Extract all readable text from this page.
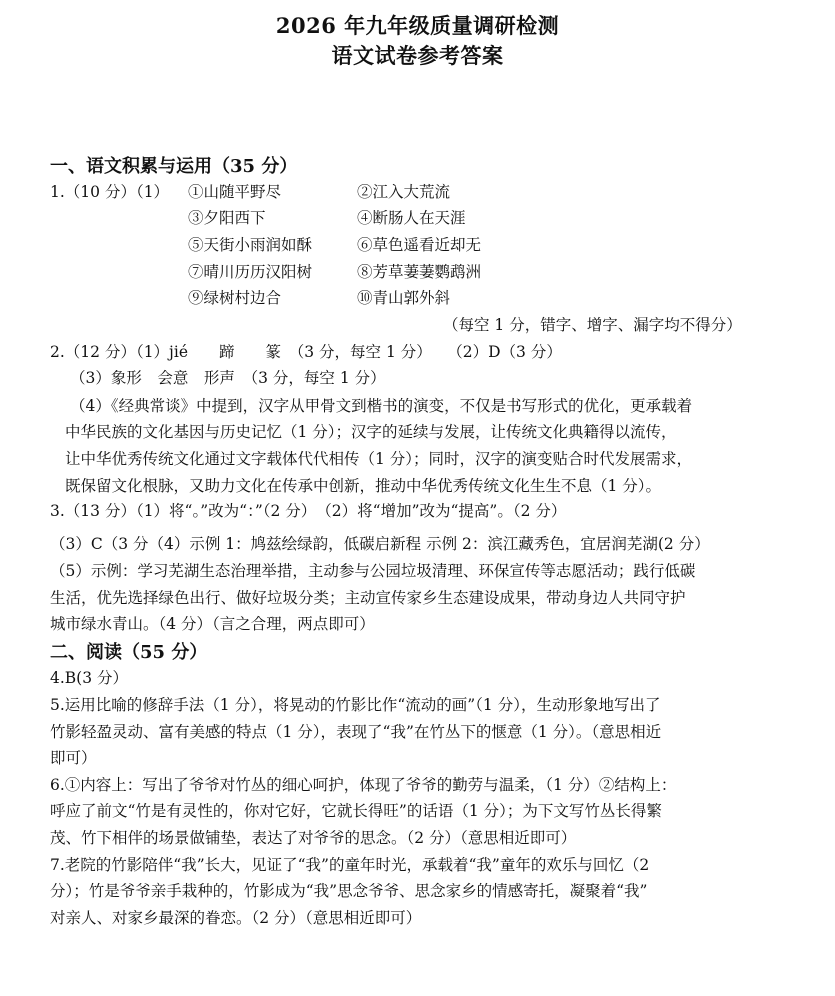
2026 年九年级质量调研检测
语文试卷参考答案
一、语文积累与运用（35 分）
1.（10 分）（1） ①山随平野尽	②江入大荒流
③夕阳西下	④断肠人在天涯
⑤天街小雨润如酥	⑥草色遥看近却无
⑦晴川历历汉阳树	⑧芳草萋萋鹦鹉洲
⑨绿树村边合	⑩青山郭外斜
（每空 1 分，错字、增字、漏字均不得分）
2.（12 分）（1）jié　　蹄　　篆　（3 分，每空 1 分）　　（2）D（3 分）
（3）象形　会意　形声　（3 分，每空 1 分）
（4）《经典常谈》中提到，汉字从甲骨文到楷书的演变，不仅是书写形式的优化，更承载着
中华民族的文化基因与历史记忆（1 分）；汉字的延续与发展，让传统文化典籍得以流传，
让中华优秀传统文化通过文字载体代代相传（1 分）；同时，汉字的演变贴合时代发展需求，
既保留文化根脉，又助力文化在传承中创新，推动中华优秀传统文化生生不息（1 分）。
3.（13 分）（1）将“。”改为“：”（2 分）　（2）将“增加”改为“提高”。（2 分）
（3）C（3 分（4）示例 1：鸠兹绘绿韵，低碳启新程 示例 2：滨江藏秀色，宜居润芜湖(2 分）
（5）示例：学习芜湖生态治理举措，主动参与公园垃圾清理、环保宣传等志愿活动；践行低碳
生活，优先选择绿色出行、做好垃圾分类；主动宣传家乡生态建设成果，带动身边人共同守护
城市绿水青山。（4 分）（言之合理，两点即可）
二、阅读（55 分）
4.B(3 分）
5.运用比喻的修辞手法（1 分），将晃动的竹影比作“流动的画”（1 分），生动形象地写出了
竹影轻盈灵动、富有美感的特点（1 分），表现了“我”在竹丛下的惬意（1 分）。（意思相近
即可）
6.①内容上：写出了爷爷对竹丛的细心呵护，体现了爷爷的勤劳与温柔，（1 分）②结构上：
呼应了前文“竹是有灵性的，你对它好，它就长得旺”的话语（1 分）；为下文写竹丛长得繁
茂、竹下相伴的场景做铺垫，表达了对爷爷的思念。（2 分）（意思相近即可）
7.老院的竹影陪伴“我”长大，见证了“我”的童年时光，承载着“我”童年的欢乐与回忆（2
分）；竹是爷爷亲手栽种的，竹影成为“我”思念爷爷、思念家乡的情感寄托，凝聚着“我”
对亲人、对家乡最深的眷恋。（2 分）（意思相近即可）
